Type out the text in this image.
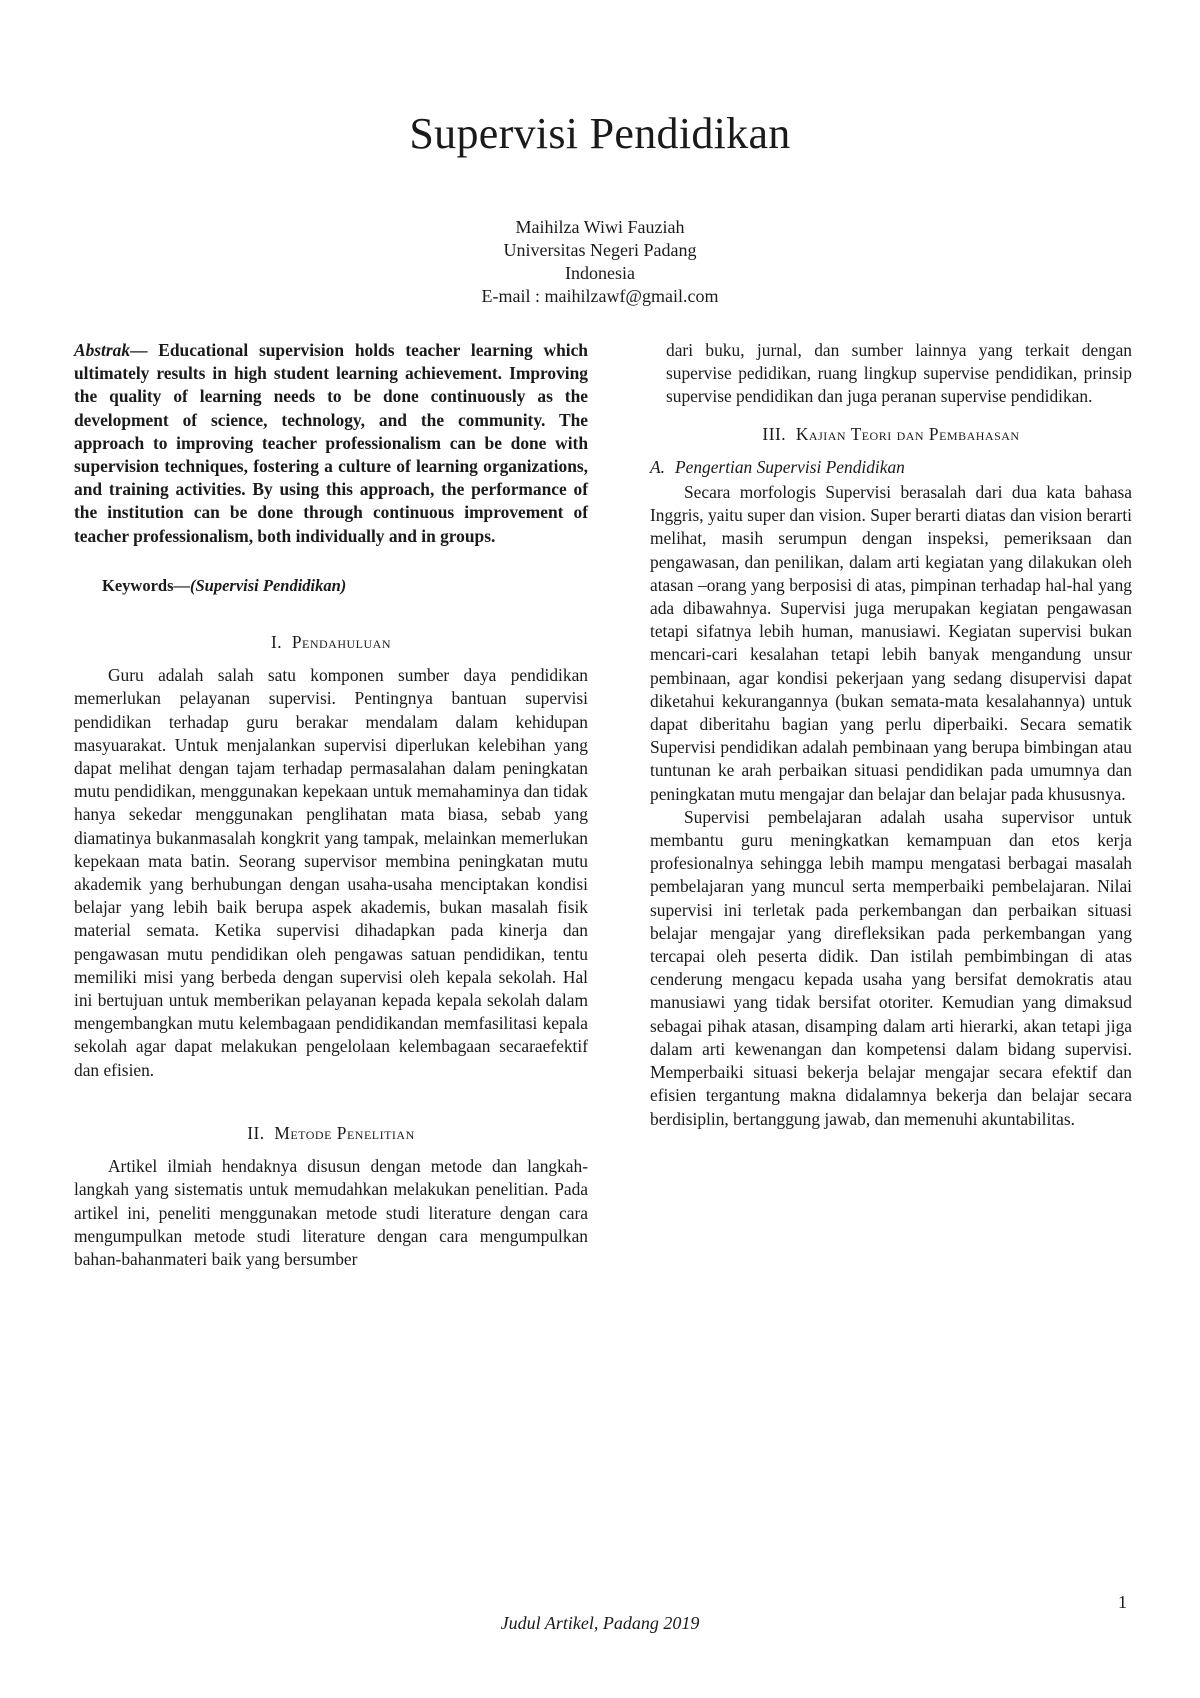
Supervisi Pendidikan
Maihilza Wiwi Fauziah
Universitas Negeri Padang
Indonesia
E-mail : maihilzawf@gmail.com

Abstrak— Educational supervision holds teacher learning which ultimately results in high student learning achievement. Improving the quality of learning needs to be done continuously as the development of science, technology, and the community. The approach to improving teacher professionalism can be done with supervision techniques, fostering a culture of learning organizations, and training activities. By using this approach, the performance of the institution can be done through continuous improvement of teacher professionalism, both individually and in groups.

Keywords—(Supervisi Pendidikan)
I. Pendahuluan

Guru adalah salah satu komponen sumber daya pendidikan memerlukan pelayanan supervisi. Pentingnya bantuan supervisi pendidikan terhadap guru berakar mendalam dalam kehidupan masyuarakat. Untuk menjalankan supervisi diperlukan kelebihan yang dapat melihat dengan tajam terhadap permasalahan dalam peningkatan mutu pendidikan, menggunakan kepekaan untuk memahaminya dan tidak hanya sekedar menggunakan penglihatan mata biasa, sebab yang diamatinya bukanmasalah kongkrit yang tampak, melainkan memerlukan kepekaan mata batin. Seorang supervisor membina peningkatan mutu akademik yang berhubungan dengan usaha-usaha menciptakan kondisi belajar yang lebih baik berupa aspek akademis, bukan masalah fisik material semata. Ketika supervisi dihadapkan pada kinerja dan pengawasan mutu pendidikan oleh pengawas satuan pendidikan, tentu memiliki misi yang berbeda dengan supervisi oleh kepala sekolah. Hal ini bertujuan untuk memberikan pelayanan kepada kepala sekolah dalam mengembangkan mutu kelembagaan pendidikandan memfasilitasi kepala sekolah agar dapat melakukan pengelolaan kelembagaan secaraefektif dan efisien.

II. Metode Penelitian

Artikel ilmiah hendaknya disusun dengan metode dan langkah-langkah yang sistematis untuk memudahkan melakukan penelitian. Pada artikel ini, peneliti menggunakan metode studi literature dengan cara mengumpulkan metode studi literature dengan cara mengumpulkan bahan-bahanmateri baik yang bersumber

dari buku, jurnal, dan sumber lainnya yang terkait dengan supervise pedidikan, ruang lingkup supervise pendidikan, prinsip supervise pendidikan dan juga peranan supervise pendidikan.

III. Kajian Teori dan Pembahasan
A. Pengertian Supervisi Pendidikan

Secara morfologis Supervisi berasalah dari dua kata bahasa Inggris, yaitu super dan vision. Super berarti diatas dan vision berarti melihat, masih serumpun dengan inspeksi, pemeriksaan dan pengawasan, dan penilikan, dalam arti kegiatan yang dilakukan oleh atasan –orang yang berposisi di atas, pimpinan terhadap hal-hal yang ada dibawahnya. Supervisi juga merupakan kegiatan pengawasan tetapi sifatnya lebih human, manusiawi. Kegiatan supervisi bukan mencari-cari kesalahan tetapi lebih banyak mengandung unsur pembinaan, agar kondisi pekerjaan yang sedang disupervisi dapat diketahui kekurangannya (bukan semata-mata kesalahannya) untuk dapat diberitahu bagian yang perlu diperbaiki. Secara sematik Supervisi pendidikan adalah pembinaan yang berupa bimbingan atau tuntunan ke arah perbaikan situasi pendidikan pada umumnya dan peningkatan mutu mengajar dan belajar dan belajar pada khususnya.

Supervisi pembelajaran adalah usaha supervisor untuk membantu guru meningkatkan kemampuan dan etos kerja profesionalnya sehingga lebih mampu mengatasi berbagai masalah pembelajaran yang muncul serta memperbaiki pembelajaran. Nilai supervisi ini terletak pada perkembangan dan perbaikan situasi belajar mengajar yang direfleksikan pada perkembangan yang tercapai oleh peserta didik. Dan istilah pembimbingan di atas cenderung mengacu kepada usaha yang bersifat demokratis atau manusiawi yang tidak bersifat otoriter. Kemudian yang dimaksud sebagai pihak atasan, disamping dalam arti hierarki, akan tetapi jiga dalam arti kewenangan dan kompetensi dalam bidang supervisi. Memperbaiki situasi bekerja belajar mengajar secara efektif dan efisien tergantung makna didalamnya bekerja dan belajar secara berdisiplin, bertanggung jawab, dan memenuhi akuntabilitas.

1
Judul Artikel, Padang 2019
